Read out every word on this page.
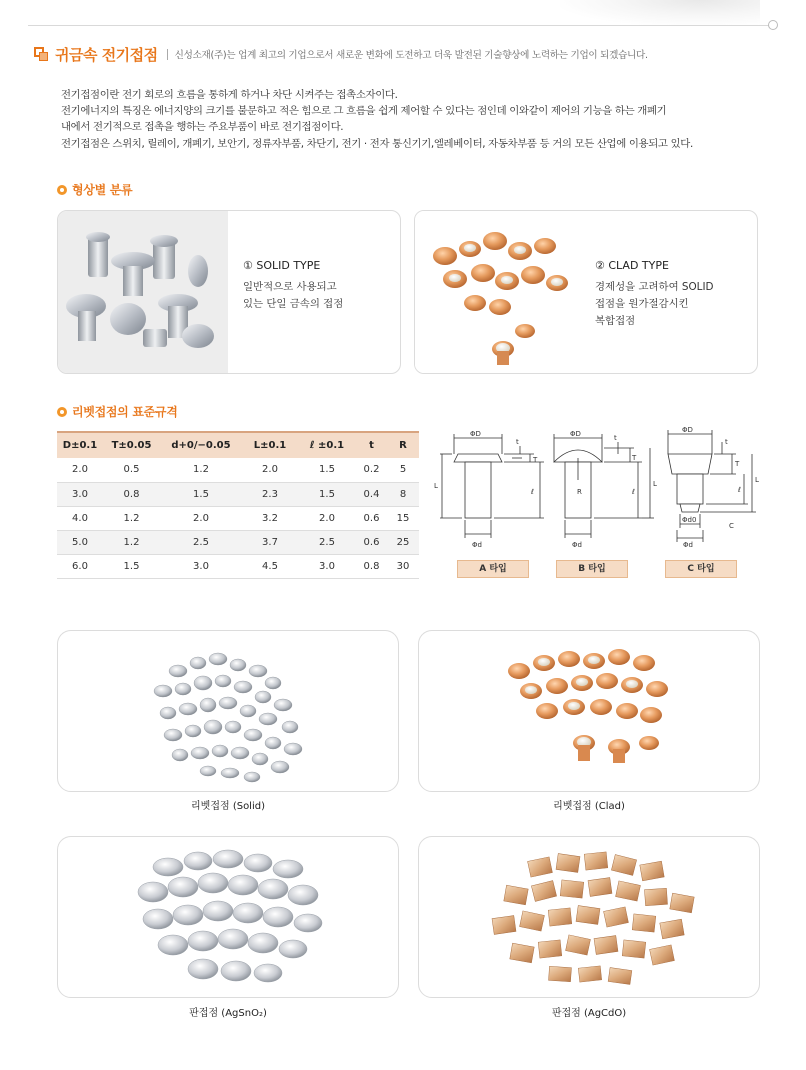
귀금속 전기접점 신성소재(주)는 업계 최고의 기업으로서 새로운 변화에 도전하고 더욱 발전된 기술향상에 노력하는 기업이 되겠습니다.
전기접점이란 전기 회로의 흐름을 통하게 하거나 차단 시켜주는 접촉소자이다.
전기에너지의 특징은 에너지양의 크기를 불문하고 적은 힘으로 그 흐름을 쉽게 제어할 수 있다는 점인데 이와같이 제어의 기능을 하는 개폐기
내에서 전기적으로 접촉을 행하는 주요부품이 바로 전기접점이다.
전기접점은 스위치, 릴레이, 개폐기, 보안기, 정류자부품, 차단기, 전기 · 전자 통신기기,엘레베이터, 자동차부품 등 거의 모든 산업에 이용되고 있다.
형상별 분류
① SOLID TYPE
일반적으로 사용되고
있는 단일 금속의 접점
② CLAD TYPE
경제성을 고려하여 SOLID
접점을 원가절감시킨
복합접점
리벳접점의 표준규격
D±0.1	T±0.05	d+0/−0.05	L±0.1	ℓ ±0.1	t	R
2.0	0.5	1.2	2.0	1.5	0.2	5
3.0	0.8	1.5	2.3	1.5	0.4	8
4.0	1.2	2.0	3.2	2.0	0.6	15
5.0	1.2	2.5	3.7	2.5	0.6	25
6.0	1.5	3.0	4.5	3.0	0.8	30
ΦD
t
T
L
ℓ
Φd
ΦD	t
T
R	ℓ
L
Φd
ΦD
t
T
ℓ
L
C
Φd0
Φd
A 타입	B 타입	C 타입
리벳접점 (Solid)	리벳접점 (Clad)
판접점 (AgSnO₂)	판접점 (AgCdO)
